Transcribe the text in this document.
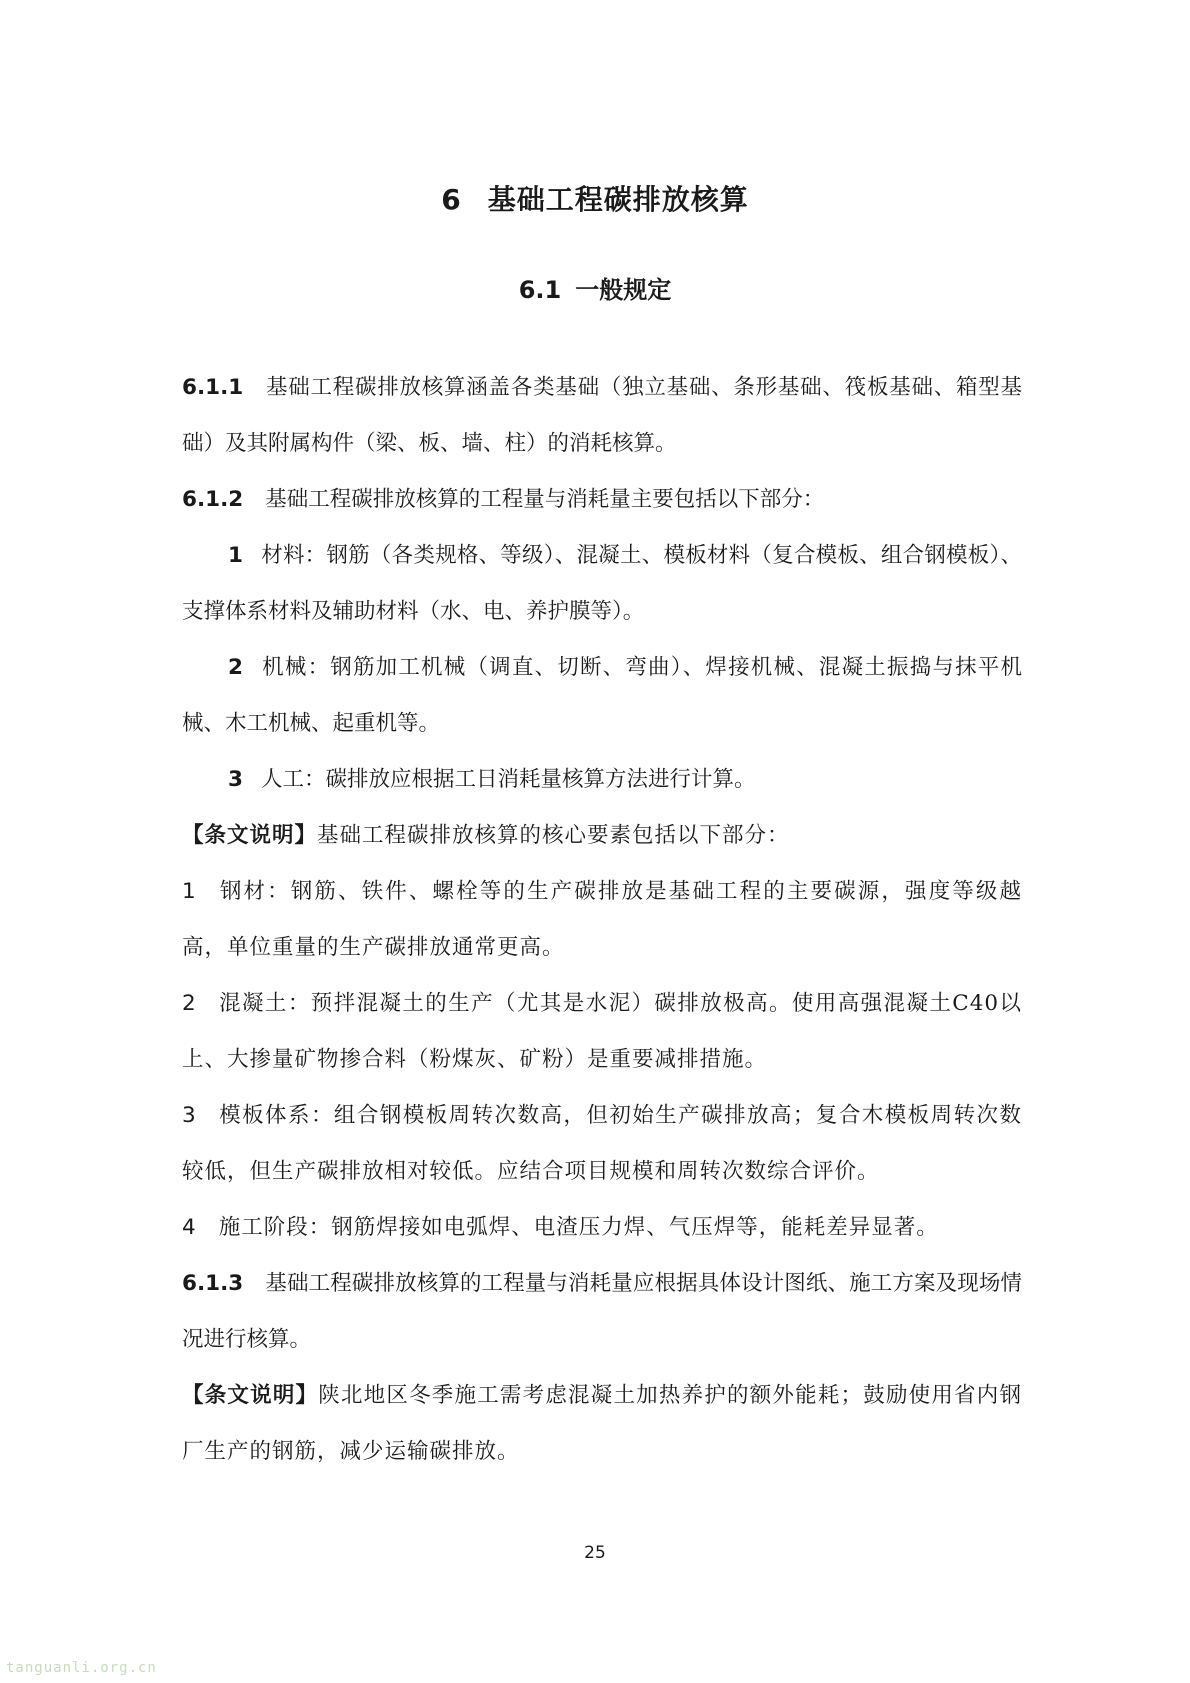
6 基础工程碳排放核算
6.1 一般规定

6.1.1 基础工程碳排放核算涵盖各类基础（独立基础、条形基础、筏板基础、箱型基础）及其附属构件（梁、板、墙、柱）的消耗核算。

6.1.2 基础工程碳排放核算的工程量与消耗量主要包括以下部分：

1 材料：钢筋（各类规格、等级）、混凝土、模板材料（复合模板、组合钢模板）、支撑体系材料及辅助材料（水、电、养护膜等）。

2 机械：钢筋加工机械（调直、切断、弯曲）、焊接机械、混凝土振捣与抹平机械、木工机械、起重机等。

3 人工：碳排放应根据工日消耗量核算方法进行计算。

【条文说明】基础工程碳排放核算的核心要素包括以下部分：

1 钢材：钢筋、铁件、螺栓等的生产碳排放是基础工程的主要碳源，强度等级越高，单位重量的生产碳排放通常更高。

2 混凝土：预拌混凝土的生产（尤其是水泥）碳排放极高。使用高强混凝土C40以上、大掺量矿物掺合料（粉煤灰、矿粉）是重要减排措施。

3 模板体系：组合钢模板周转次数高，但初始生产碳排放高；复合木模板周转次数较低，但生产碳排放相对较低。应结合项目规模和周转次数综合评价。

4 施工阶段：钢筋焊接如电弧焊、电渣压力焊、气压焊等，能耗差异显著。

6.1.3 基础工程碳排放核算的工程量与消耗量应根据具体设计图纸、施工方案及现场情况进行核算。

【条文说明】陕北地区冬季施工需考虑混凝土加热养护的额外能耗；鼓励使用省内钢厂生产的钢筋，减少运输碳排放。

25
tanguanli.org.cn
